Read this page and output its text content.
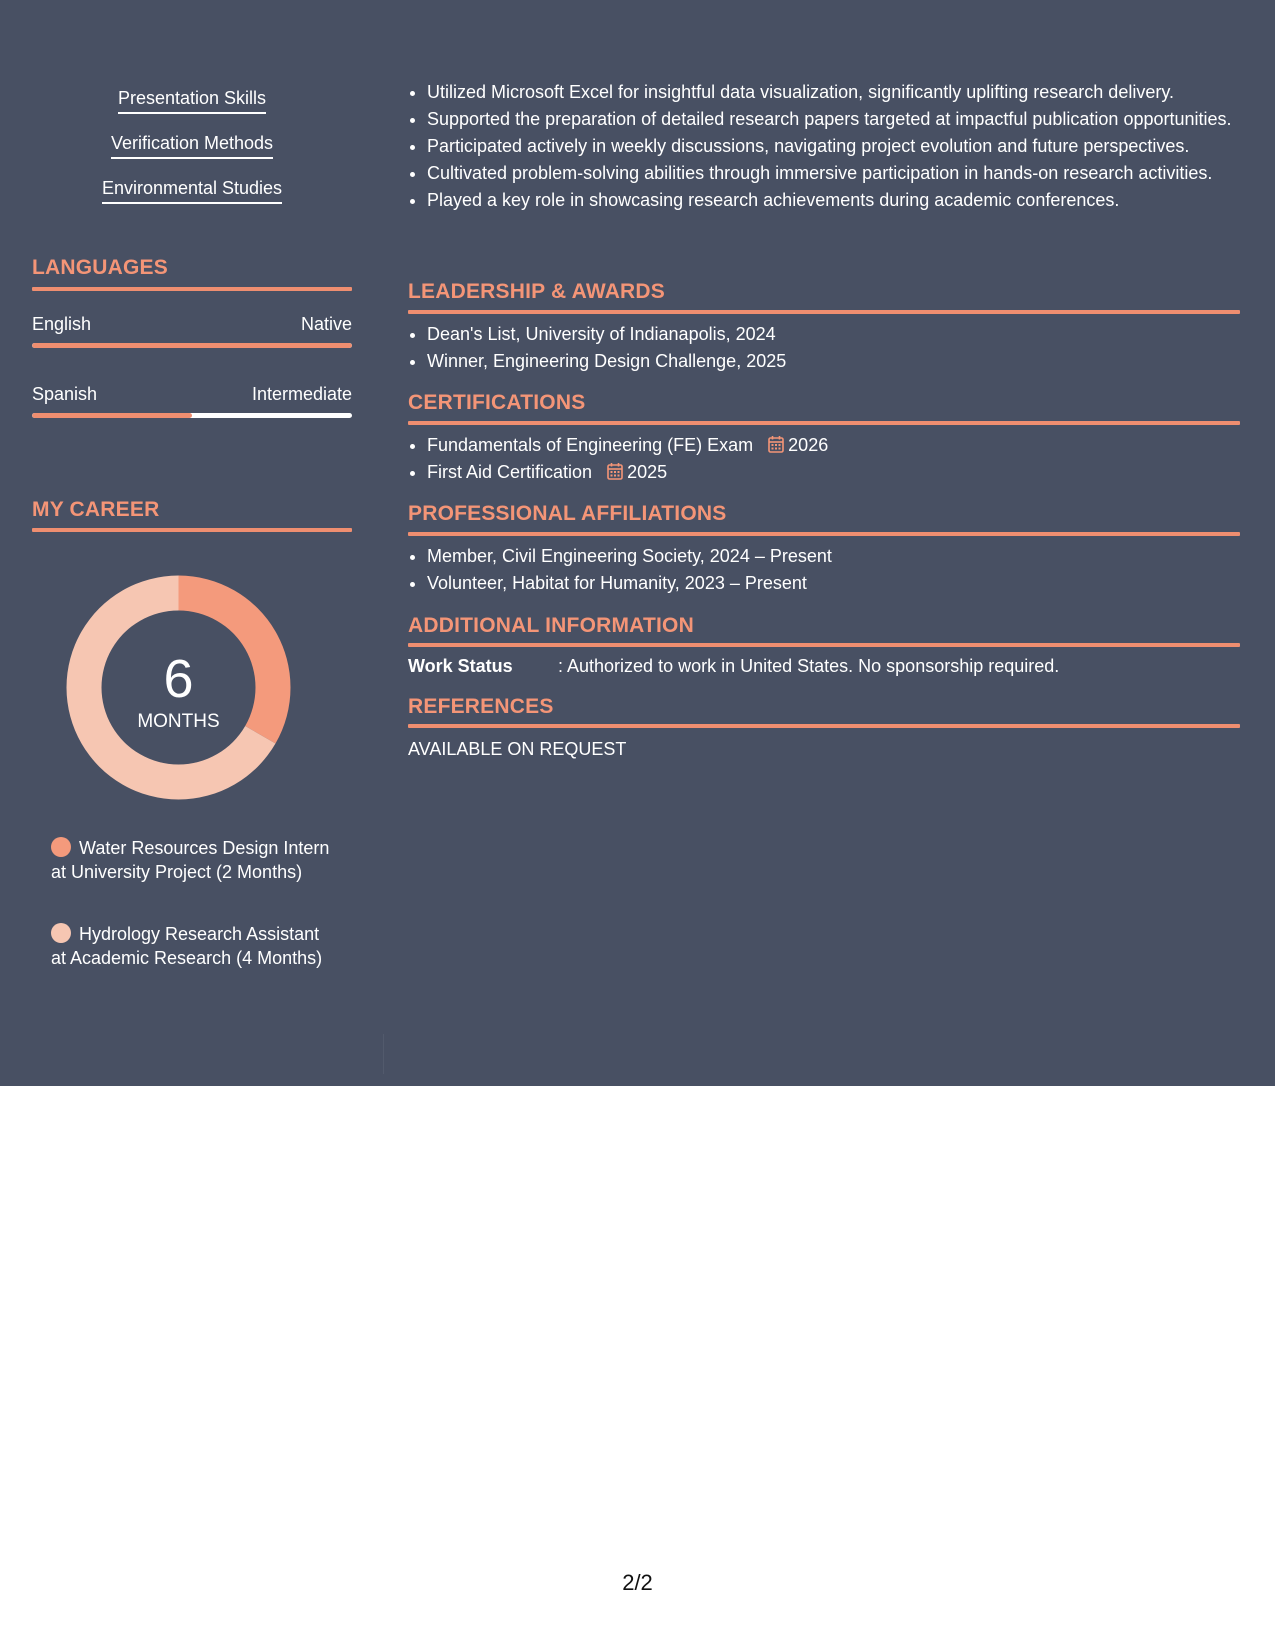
Presentation Skills
Verification Methods
Environmental Studies
LANGUAGES
English	Native
Spanish	Intermediate
MY CAREER
6
MONTHS
Water Resources Design Intern at University Project (2 Months)
Hydrology Research Assistant at Academic Research (4 Months)
• Utilized Microsoft Excel for insightful data visualization, significantly uplifting research delivery.
• Supported the preparation of detailed research papers targeted at impactful publication opportunities.
• Participated actively in weekly discussions, navigating project evolution and future perspectives.
• Cultivated problem-solving abilities through immersive participation in hands-on research activities.
• Played a key role in showcasing research achievements during academic conferences.
LEADERSHIP & AWARDS
• Dean's List, University of Indianapolis, 2024
• Winner, Engineering Design Challenge, 2025
CERTIFICATIONS
• Fundamentals of Engineering (FE) Exam 2026
• First Aid Certification 2025
PROFESSIONAL AFFILIATIONS
• Member, Civil Engineering Society, 2024 – Present
• Volunteer, Habitat for Humanity, 2023 – Present
ADDITIONAL INFORMATION
Work Status	: Authorized to work in United States. No sponsorship required.
REFERENCES
AVAILABLE ON REQUEST
2/2
